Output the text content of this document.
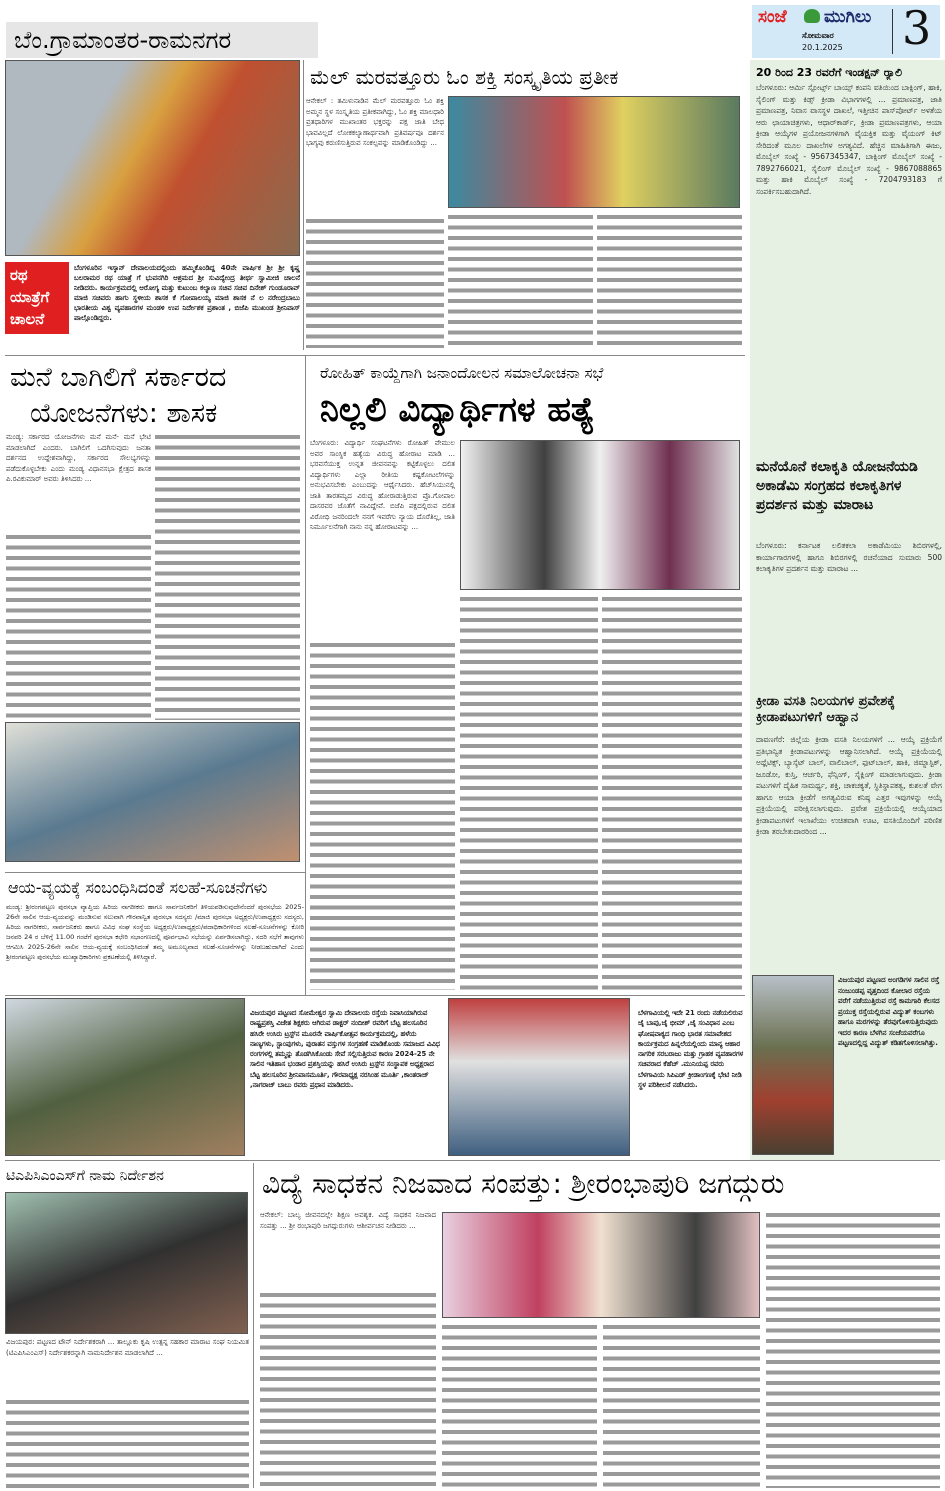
ಬೆಂ.ಗ್ರಾಮಾಂತರ-ರಾಮನಗರ
ಸಂಜೆ ಮುಗಿಲು
ಸೋಮವಾರ
20.1.2025 3
ರಥ ಯಾತ್ರೆಗೆ ಚಾಲನೆ
ಬೆಂಗಳೂರಿನ ಇಸ್ಕಾನ್ ದೇವಾಲಯದಲ್ಲಿಂದು ಹಮ್ಮಿಕೊಂಡಿದ್ದ 40ನೇ ವಾರ್ಷಿಕ ಶ್ರೀ ಶ್ರೀ ಕೃಷ್ಣ ಬಲರಾಮರ ರಥ ಯಾತ್ರೆ ಗೆ ಭುವನಗಿರಿ ಆಶ್ರಮದ ಶ್ರೀ ಸುವಿದ್ಯೇಂದ್ರ ತೀರ್ಥ ಸ್ವಾಮೀಜಿ ಚಾಲನೆ ನೀಡಿದರು. ಕಾರ್ಯಕ್ರಮದಲ್ಲಿ ಆರೋಗ್ಯ ಮತ್ತು ಕುಟುಂಬ ಕಲ್ಯಾಣ ಸಚಿವ ಸಚಿವ ದಿನೇಶ್ ಗುಂಡೂರಾವ್ ಮಾಜಿ ಸಚಿವರು ಹಾಗು ಸ್ಥಳೀಯ ಶಾಸಕ ಕೆ ಗೋಪಾಲಯ್ಯ ಮಾಜಿ ಶಾಸಕ ನೆ ಲ ನರೇಂದ್ರಬಾಬು ಭಾರತೀಯ ವಿಶ್ವ ವ್ಯವಹಾರಗಳ ಮಂಡಳಿ ಉಪ ನಿರ್ದೇಶಕ ಪ್ರಶಾಂತ , ಬಿಜೆಪಿ ಮುಖಂಡ ಶ್ರೀನಿವಾಸ್ ಪಾಲ್ಗೊಂಡಿದ್ದರು.
ಮೆಲ್ ಮರವತ್ತೂರು ಓಂ ಶಕ್ತಿ ಸಂಸ್ಕೃತಿಯ ಪ್ರತೀಕ
ಆನೇಕಲ್ : ತಮಿಳುನಾಡಿನ ಮೆಲ್ ಮರವತ್ತೂರು ಓಂ ಶಕ್ತಿ ಅಮ್ಮನ ಸ್ಥಳ ಸಂಸ್ಕೃತಿಯ ಪ್ರತೀಕವಾಗಿದ್ದು, ಓಂ ಶಕ್ತಿ ಮಾಲಧಾರಿ ವ್ರತಧಾರಿಗಳ ಮುಖಾಂತರ ಭಕ್ತರನ್ನು ಪಕ್ಷ ಜಾತಿ ಬೇಧ ಭಾವವಿಲ್ಲದೆ ಲೋಕಕಲ್ಯಾಣಾರ್ಥವಾಗಿ ಪ್ರತಿವರ್ಷವೂ ದರ್ಶನ ಭಾಗ್ಯವು ಕರುಣಿಸುತ್ತಿರುವ ಸಂಕಲ್ಪವನ್ನು ಮಾಡಿಕೊಂಡಿದ್ದು ...
20 ರಿಂದ 23 ರವರೆಗೆ ಇಂಡಕ್ಷನ್ ರ್‍ಯಾಲಿ
ಬೆಂಗಳೂರು: ಆರ್ಮಿ ಸ್ಪೋರ್ಟ್ಸ್ ಬಾಯ್ಸ್ ಕಂಪನಿ ವತಿಯಿಂದ ಬಾಕ್ಸಿಂಗ್, ಹಾಕಿ, ಸೈಲಿಂಗ್ ಮತ್ತು ಕಿಡ್ಸ್ ಕ್ರೀಡಾ ವಿಭಾಗಗಳಲ್ಲಿ ... ಪ್ರಮಾಣಪತ್ರ, ಜಾತಿ ಪ್ರಮಾಣಪತ್ರ, ನಿವಾಸ ವಾಸಸ್ಥಳ ದಾಖಲೆ, ಇತ್ತೀಚಿನ ಪಾಸ್‌ಪೋರ್ಟ್ ಅಳತೆಯ ಆರು ಛಾಯಾಚಿತ್ರಗಳು, ಆಧಾರ್‌ಕಾರ್ಡ್, ಕ್ರೀಡಾ ಪ್ರಮಾಣಪತ್ರಗಳು, ಆಯಾ ಕ್ರೀಡಾ ಆಯ್ಕೆಗಳ ಪ್ರಯೋಜನಗಳಿಗಾಗಿ ವೈಯಕ್ತಿಕ ಮತ್ತು ವೈಯಂಗ್ ಕಿಟ್ ಸೇರಿದಂತೆ ಮೂಲ ದಾಖಲೆಗಳ ಅಗತ್ಯವಿದೆ. ಹೆಚ್ಚಿನ ಮಾಹಿತಿಗಾಗಿ ಈಜು, ಮೊಬೈಲ್ ಸಂಖ್ಯೆ - 9567345347, ಬಾಕ್ಸಿಂಗ್ ಮೊಬೈಲ್ ಸಂಖ್ಯೆ - 7892766021, ಸೈಲಿಂಗ್ ಮೊಬೈಲ್ ಸಂಖ್ಯೆ - 9867088865 ಮತ್ತು ಹಾಕಿ ಮೊಬೈಲ್ ಸಂಖ್ಯೆ - 7204793183 ಗೆ ಸಂಪರ್ಕಿಸಬಹುದಾಗಿದೆ.
ಮನೆಯೊನೆ ಕಲಾಕೃತಿ ಯೋಜನೆಯಡಿ ಅಕಾಡೆಮಿ ಸಂಗ್ರಹದ ಕಲಾಕೃತಿಗಳ ಪ್ರದರ್ಶನ ಮತ್ತು ಮಾರಾಟ
ಬೆಂಗಳೂರು: ಕರ್ನಾಟಕ ಲಲಿತಕಲಾ ಅಕಾಡೆಮಿಯು ಶಿಬಿರಗಳಲ್ಲಿ, ಕಾರ್ಯಾಗಾರಗಳಲ್ಲಿ ಹಾಗೂ ಶಿಬಿರಗಳಲ್ಲಿ ರಚನೆಯಾದ ಸುಮಾರು 500 ಕಲಾಕೃತಿಗಳ ಪ್ರದರ್ಶನ ಮತ್ತು ಮಾರಾಟ ...
ಕ್ರೀಡಾ ವಸತಿ ನಿಲಯಗಳ ಪ್ರವೇಶಕ್ಕೆ ಕ್ರೀಡಾಪಟುಗಳಿಗೆ ಆಹ್ವಾನ
ದಾವಣಗೆರೆ: ಜಿಲ್ಲೆಯ ಕ್ರೀಡಾ ವಸತಿ ನಿಲಯಗಳಿಗೆ ... ಆಯ್ಕೆ ಪ್ರಕ್ರಿಯೆಗೆ ಪ್ರತಿಭಾನ್ವಿತ ಕ್ರೀಡಾಪಟುಗಳನ್ನು ಆಹ್ವಾನಿಸಲಾಗಿದೆ. ಆಯ್ಕೆ ಪ್ರಕ್ರಿಯೆಯಲ್ಲಿ ಅಥ್ಲೆಟಿಕ್ಸ್, ಬ್ಯಾಸ್ಕೆಟ್ ಬಾಲ್, ವಾಲಿಬಾಲ್, ಫುಟ್‌ಬಾಲ್, ಹಾಕಿ, ಜಿಮ್ನಾಸ್ಟಿಕ್, ಜೂಡೋ, ಕುಸ್ತಿ, ಆರ್ಚರಿ, ಫೆನ್ಸಿಂಗ್, ಸೈಕ್ಲಿಂಗ್ ಮಾಡಲಾಗುವುದು. ಕ್ರೀಡಾ ಪಟುಗಳಿಗೆ ದೈಹಿಕ ಸಾಮರ್ಥ್ಯ, ಶಕ್ತಿ, ಚಾಕಚಕ್ಯತೆ, ಸ್ಥಿತಿಸ್ಥಾಪಕತ್ವ, ಕುಶಲತೆ ವೇಗ ಹಾಗೂ ಆಯಾ ಕ್ರೀಡೆಗೆ ಅಗತ್ಯವಿರುವ ಕನಿಷ್ಠ ಎತ್ತರ ಇವುಗಳನ್ನು ಆಯ್ಕೆ ಪ್ರಕ್ರಿಯೆಯಲ್ಲಿ ಪರೀಕ್ಷಿಸಲಾಗುವುದು. ಪ್ರವೇಶ ಪ್ರಕ್ರಿಯೆಯಲ್ಲಿ ಆಯ್ಕೆಯಾದ ಕ್ರೀಡಾಪಟುಗಳಿಗೆ ಇಲಾಖೆಯು ಉಚಿತವಾಗಿ ಊಟ, ವಸತಿಯೊಂದಿಗೆ ಪರಿಣಿತ ಕ್ರೀಡಾ ತರಬೇತುದಾರರಿಂದ ...
ವಿಜಯಪುರ ಪಟ್ಟಣದ ಅಂಗಡಿಗಳ ಸಾಲಿನ ರಸ್ತೆ ನಂಜುಂಡಪ್ಪ ವೃತ್ತದಿಂದ ಕೋಲಾರ ರಸ್ತೆಯ ವರೆಗೆ ನಡೆಯುತ್ತಿರುವ ರಸ್ತೆ ಕಾಮಗಾರಿ ಕೆಲಸದ ಪ್ರಯುಕ್ತ ರಸ್ತೆಯಲ್ಲಿರುವ ವಿದ್ಯುತ್ ಕಂಬಗಳು ಹಾಗೂ ಮರಗಳನ್ನು ತೆರವುಗೊಳಿಸುತ್ತಿರುವುದು ಇದರ ಕಾರಣ ಬೆಳಗಿನ ಸಂಜೆಯವರೆಗೂ ಪಟ್ಟಣದಲ್ಲಿದ್ದ ವಿದ್ಯುತ್ ಕಡಿತಗೊಳಿಸಲಾಗಿತ್ತು.
ಮನೆ ಬಾಗಿಲಿಗೆ ಸರ್ಕಾರದ
ಯೋಜನೆಗಳು: ಶಾಸಕ
ಮಂಡ್ಯ: ಸರ್ಕಾರದ ಯೋಜನೆಗಳು ಮನೆ ಮನೆ- ಮನೆ ಭೇಟಿ ಮಾಡಲಾಗಿದೆ ಎಂದರು. ಬಾಗಿಲಿಗೆ ಒದಗಿಸುವುದು ಜನತಾ ದರ್ಶನದ ಉದ್ದೇಶವಾಗಿದ್ದು, ಸರ್ಕಾರದ ಸೌಲಭ್ಯಗಳನ್ನು ಪಡೆದುಕೊಳ್ಳಬೇಕು ಎಂದು ಮಂಡ್ಯ ವಿಧಾನಸಭಾ ಕ್ಷೇತ್ರದ ಶಾಸಕ ಪಿ.ರವಿಕುಮಾರ್ ಅವರು ತಿಳಿಸಿದರು ...
ಆಯ-ವ್ಯಯಕ್ಕೆ ಸಂಬಂಧಿಸಿದಂತೆ ಸಲಹೆ-ಸೂಚನೆಗಳು
ಮಂಡ್ಯ: ಶ್ರೀರಂಗಪಟ್ಟಣ ಪುರಸಭಾ ವ್ಯಾಪ್ತಿಯ ಹಿರಿಯ ನಾಗರೀಕರು ಹಾಗೂ ಸಾರ್ವಜನಿಕರಿಗೆ ತಿಳಿಯಪಡಿಸುವುದೇನೆಂದರೆ ಪುರಸಭೆಯ 2025-26ನೇ ಸಾಲಿನ ಆಯ-ವ್ಯಯವನ್ನು ಮಂಡಿಸುವ ಸಲುವಾಗಿ ಗೌರವಾನ್ವಿತ ಪುರಸಭಾ ಸದಸ್ಯರು /ಮಾಜಿ ಪುರಸಭಾ ಅಧ್ಯಕ್ಷರು/ಉಪಾಧ್ಯಕ್ಷರು ಸದಸ್ಯರು, ಹಿರಿಯ ನಾಗರೀಕರು, ಸಾರ್ವಜನಿಕರು ಹಾಗೂ ವಿವಿಧ ಸಂಘ ಸಂಸ್ಥೆಯ ಅಧ್ಯಕ್ಷರು/ಉಪಾಧ್ಯಕ್ಷರು/ಪದಾಧಿಕಾರಿಗಳಿಂದ ಸಲಹೆ-ಸೂಚನೆಗಳನ್ನು ಕೋರಿ ಜನವರಿ 24 ರ ಬೆಳಿಗ್ಗೆ 11.00 ಗಂಟೆಗೆ ಪುರಸಭಾ ಕಛೇರಿ ಸಭಾಂಗಣದಲ್ಲಿ ಪೂರ್ವಭಾವಿ ಸಭೆಯನ್ನು ಏರ್ಪಡಿಸಲಾಗಿದ್ದು, ಸದರಿ ಸಭೆಗೆ ತಾವುಗಳು ಆಗಮಿಸಿ 2025-26ನೇ ಸಾಲಿನ ಆಯ-ವ್ಯಯಕ್ಕೆ ಸಂಬಂಧಿಸಿದಂತೆ ತಮ್ಮ ಅಮೂಲ್ಯವಾದ ಸಲಹೆ-ಸೂಚನೆಗಳನ್ನು ನೀಡಬಹುದಾಗಿದೆ ಎಂದು ಶ್ರೀರಂಗಪಟ್ಟಣ ಪುರಸಭೆಯ ಮುಖ್ಯಾಧಿಕಾರಿಗಳು ಪ್ರಕಟಣೆಯಲ್ಲಿ ತಿಳಿಸಿದ್ದಾರೆ.
ರೋಹಿತ್ ಕಾಯ್ದೆಗಾಗಿ ಜನಾಂದೋಲನ ಸಮಾಲೋಚನಾ ಸಭೆ
ನಿಲ್ಲಲಿ ವಿದ್ಯಾರ್ಥಿಗಳ ಹತ್ಯೆ
ಬೆಂಗಳೂರು: ವಿದ್ಯಾರ್ಥಿ ಸಂಘಟನೆಗಳು ರೋಹಿತ್ ವೇಮುಲ ಅವರ ಸಾಂಸ್ಥಿಕ ಹತ್ಯೆಯ ವಿರುದ್ಧ ಹೋರಾಟ ಮಾಡಿ ... ಭರವಸೆಯುಕ್ತ ಉನ್ನತ ಜೀವನವನ್ನು ಕಟ್ಟಿಕೊಳ್ಳಲು ದಲಿತ ವಿದ್ಯಾರ್ಥಿಗಳು ಎಲ್ಲಾ ರೀತಿಯ ಕಷ್ಟಕೋಟಲೆಗಳನ್ನು ಅನುಭವಿಸಬೇಕು ಎಂಬುದನ್ನು ಆರ್ಥೈಸಿದರು. ಹೆಚ್‌ಸಿಯುನಲ್ಲಿ ಜಾತಿ ತಾರತಮ್ಯದ ವಿರುದ್ಧ ಹೋರಾಡುತ್ತಿರುವ ಪ್ರೊ.ಗೋಪಾಲ ದಾಸರವರ ಜೊತೆಗೆ ನಾವಿದ್ದೇವೆ. ಬಿಜೆಪಿ ಪಕ್ಷದಲ್ಲಿರುವ ದಲಿತ ವಿರೋಧಿ ಜನರಿಂದಲೇ ನನಗೆ ಇವರೆಗು ನ್ಯಾಯ ದೊರೆತಿಲ್ಲ, ಜಾತಿ ನಿರ್ಮೂಲನೆಗಾಗಿ ನಾನು ನನ್ನ ಹೋರಾಟವನ್ನು ...
ವಿಜಯಪುರ ಪಟ್ಟಣದ ಸೋಮೇಶ್ವರ ಸ್ವಾಮಿ ದೇವಾಲಯ ರಸ್ತೆಯ ನಿವಾಸಿಯಾಗಿರುವ ರಾಷ್ಟ್ರಪ್ರಶಸ್ತಿ ವಿಜೇತ ಶಿಕ್ಷಕರು ಆಗಿರುವ ಡಾಕ್ಟರ್ ನಂದೀಶ್ ರವರಿಗೆ ಬೆಟ್ಟ ಹಲಸೂರಿನ ಹಸಿರೇ ಉಸಿರು ಟ್ರಸ್ಟ್‌ನ ಮೂರನೇ ವಾರ್ಷಿಕೋತ್ಸವ ಕಾರ್ಯಕ್ರಮದಲ್ಲಿ, ಹಳೆಯ ನಾಣ್ಯಗಳು, ಸ್ಟಾಂಪುಗಳು, ಪುರಾತನ ವಸ್ತುಗಳ ಸಂಗ್ರಹಣೆ ಮಾಡಿಕೊಂಡು ಸಮಾಜದ ವಿವಿಧ ರಂಗಗಳಲ್ಲಿ ತಮ್ಮನ್ನು ತೊಡಗಿಸಿಕೊಂಡು ಸೇವೆ ಸಲ್ಲಿಸುತ್ತಿರುವ ಕಾರಣ 2024-25 ನೇ ಸಾಲಿನ ಇತಿಹಾಸ ಭಂಡಾರ ಪ್ರಶಸ್ತಿಯನ್ನು ಹಸಿರೆ ಉಸಿರು ಟ್ರಸ್ಟ್‌ನ ಸಂಸ್ಥಾಪಕ ಅಧ್ಯಕ್ಷರಾದ ಬೆಟ್ಟ ಹಲಸೂರಿನ ಶ್ರೀನಿವಾಸಮೂರ್ತಿ, ಗೌರವಾಧ್ಯಕ್ಷ ನರಸಿಂಹ ಮೂರ್ತಿ ,ಕಾಂತರಾಜ್ ,ನಾಗರಾಜ್ ಬಾಬು ರವರು ಪ್ರಧಾನ ಮಾಡಿದರು.
ಬೆಳಗಾವಿಯಲ್ಲಿ ಇದೇ 21 ರಂದು ನಡೆಯಲಿರುವ ಜೈ ಬಾಪು,ಜೈ ಭೀಮ್ ,ಜೈ ಸಂವಿಧಾನ ಎಂಬ ಘೋಷವಾಕ್ಯದ ಗಾಂಧಿ ಭಾರತ ಸಮಾವೇಶದ ಕಾರ್ಯಕ್ರಮದ ಹಿನ್ನಲೆಯಲ್ಲಿಂದು ಮಾನ್ಯ ಆಹಾರ ನಾಗರಿಕ ಸರಬರಾಜು ಮತ್ತು ಗ್ರಾಹಕ ವ್ಯವಹಾರಗಳ ಸಚಿವರಾದ ಕೆಹೆಚ್ .ಮುನಿಯಪ್ಪ ರವರು ಬೆಳಗಾವಿಯ ಸಿಪಿಎಡ್ ಕ್ರೀಡಾಂಗಣಕ್ಕೆ ಭೇಟಿ ನೀಡಿ ಸ್ಥಳ ಪರಿಶೀಲನೆ ನಡೆಸಿದರು.
ಟಿಎಪಿಸಿಎಂಎಸ್‌ಗೆ ನಾಮ ನಿರ್ದೇಶನ
ವಿಜಯಪುರ: ಪಟ್ಟಣದ ಟೌನ್ ನಿರ್ದೇಶಕರಾಗಿ ... ತಾಲ್ಲೂಕು ಕೃಷಿ ಉತ್ಪನ್ನ ಸಹಕಾರ ಮಾರಾಟ ಸಂಘ ನಿಯಮಿತ (ಟಿಎಪಿಸಿಎಂಎಸ್) ನಿರ್ದೇಶಕರನ್ನಾಗಿ ನಾಮನಿರ್ದೇಶನ ಮಾಡಲಾಗಿದೆ ...
ವಿದ್ಯೆ ಸಾಧಕನ ನಿಜವಾದ ಸಂಪತ್ತು: ಶ್ರೀರಂಭಾಪುರಿ ಜಗದ್ಗುರು
ಆನೇಕಲ್: ಬಾಲ್ಯ ಜೀವನದಲ್ಲೇ ಶಿಕ್ಷಣ ಅವಶ್ಯಕ. ವಿದ್ಯೆ ಸಾಧಕನ ನಿಜವಾದ ಸಂಪತ್ತು ... ಶ್ರೀ ರಂಭಾಪುರಿ ಜಗದ್ಗುರುಗಳು ಆಶೀರ್ವಚನ ನೀಡಿದರು ...
